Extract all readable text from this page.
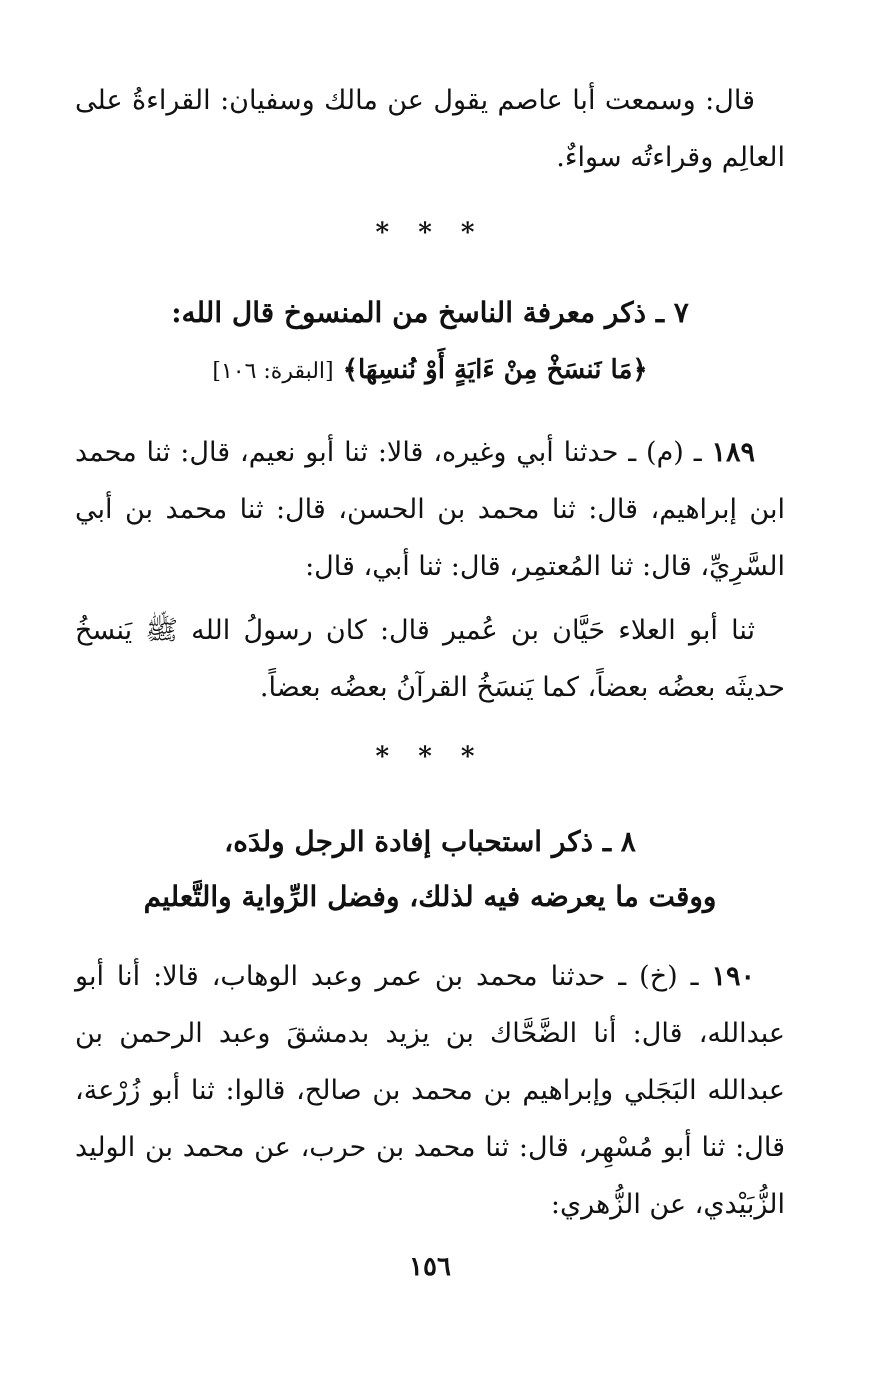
قال: وسمعت أبا عاصم يقول عن مالك وسفيان: القراءةُ على العالِم وقراءتُه سواءٌ.

* * *
٧ ـ ذكر معرفة الناسخ من المنسوخ قال الله:
﴿مَا نَنسَخْ مِنْ ءَايَةٍ أَوْ نُنسِهَا﴾ [البقرة: ١٠٦]

١٨٩ ـ (م) ـ حدثنا أبي وغيره، قالا: ثنا أبو نعيم، قال: ثنا محمد ابن إبراهيم، قال: ثنا محمد بن الحسن، قال: ثنا محمد بن أبي السَّرِيِّ، قال: ثنا المُعتمِر، قال: ثنا أبي، قال:

ثنا أبو العلاء حَيَّان بن عُمير قال: كان رسولُ الله ﷺ يَنسخُ حديثَه بعضُه بعضاً، كما يَنسَخُ القرآنُ بعضُه بعضاً.

* * *
٨ ـ ذكر استحباب إفادة الرجل ولدَه،
ووقت ما يعرضه فيه لذلك، وفضل الرِّواية والتَّعليم

١٩٠ ـ (خ) ـ حدثنا محمد بن عمر وعبد الوهاب، قالا: أنا أبو عبدالله، قال: أنا الضَّحَّاك بن يزيد بدمشقَ وعبد الرحمن بن عبدالله البَجَلي وإبراهيم بن محمد بن صالح، قالوا: ثنا أبو زُرْعة، قال: ثنا أبو مُسْهِر، قال: ثنا محمد بن حرب، عن محمد بن الوليد الزُّبَيْدي، عن الزُّهري:

١٥٦
